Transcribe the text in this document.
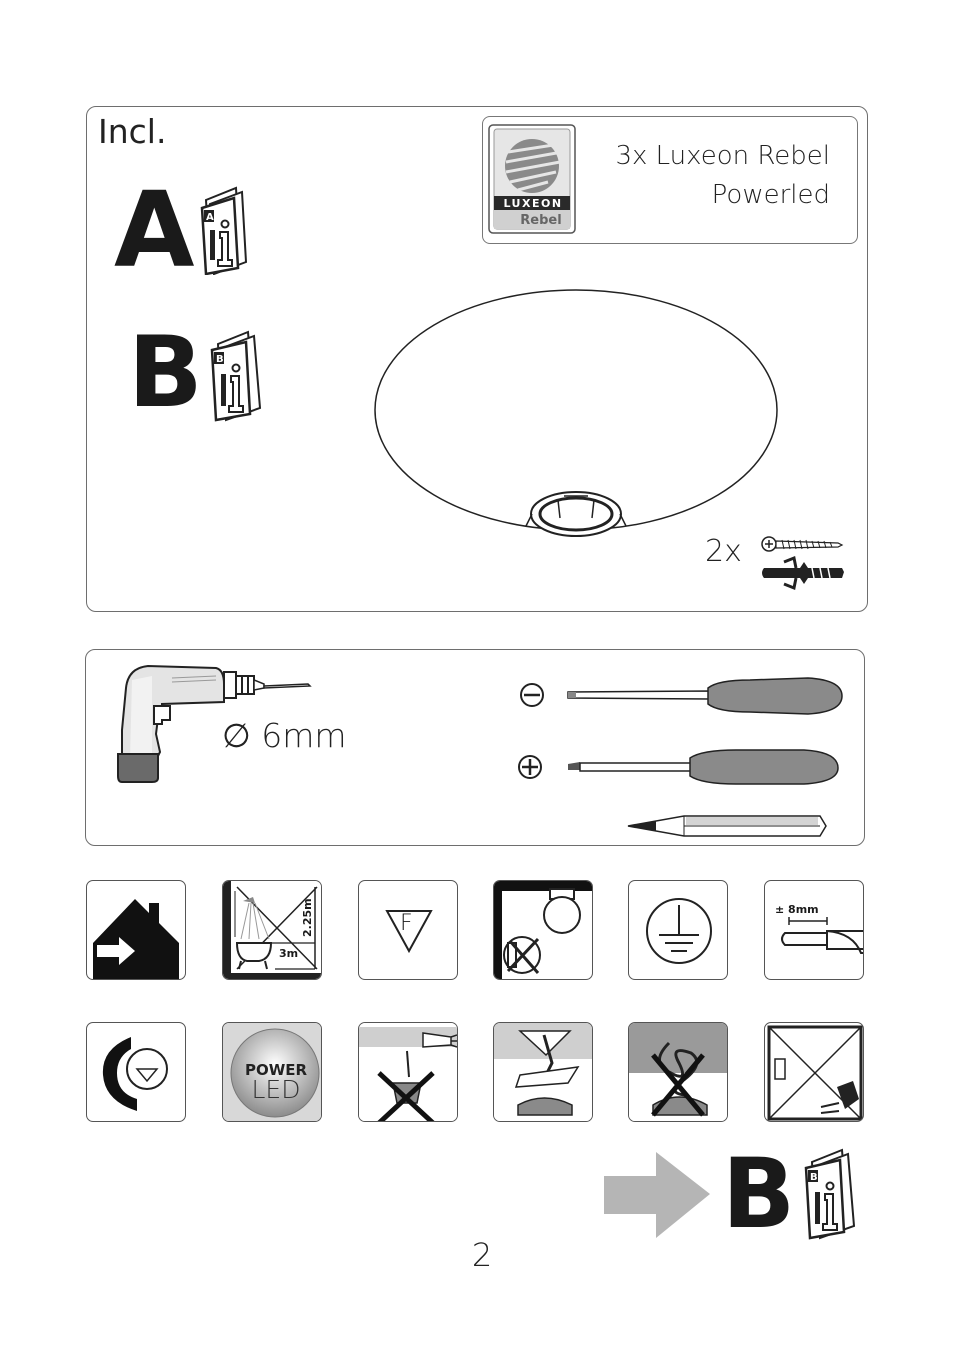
Incl.
A A
B B
LUXEON
Rebel
3x Luxeon Rebel
Powerled
2x
∅ 6mm
2.25m
3m
F
± 8mm
POWER
LED
B B
2
